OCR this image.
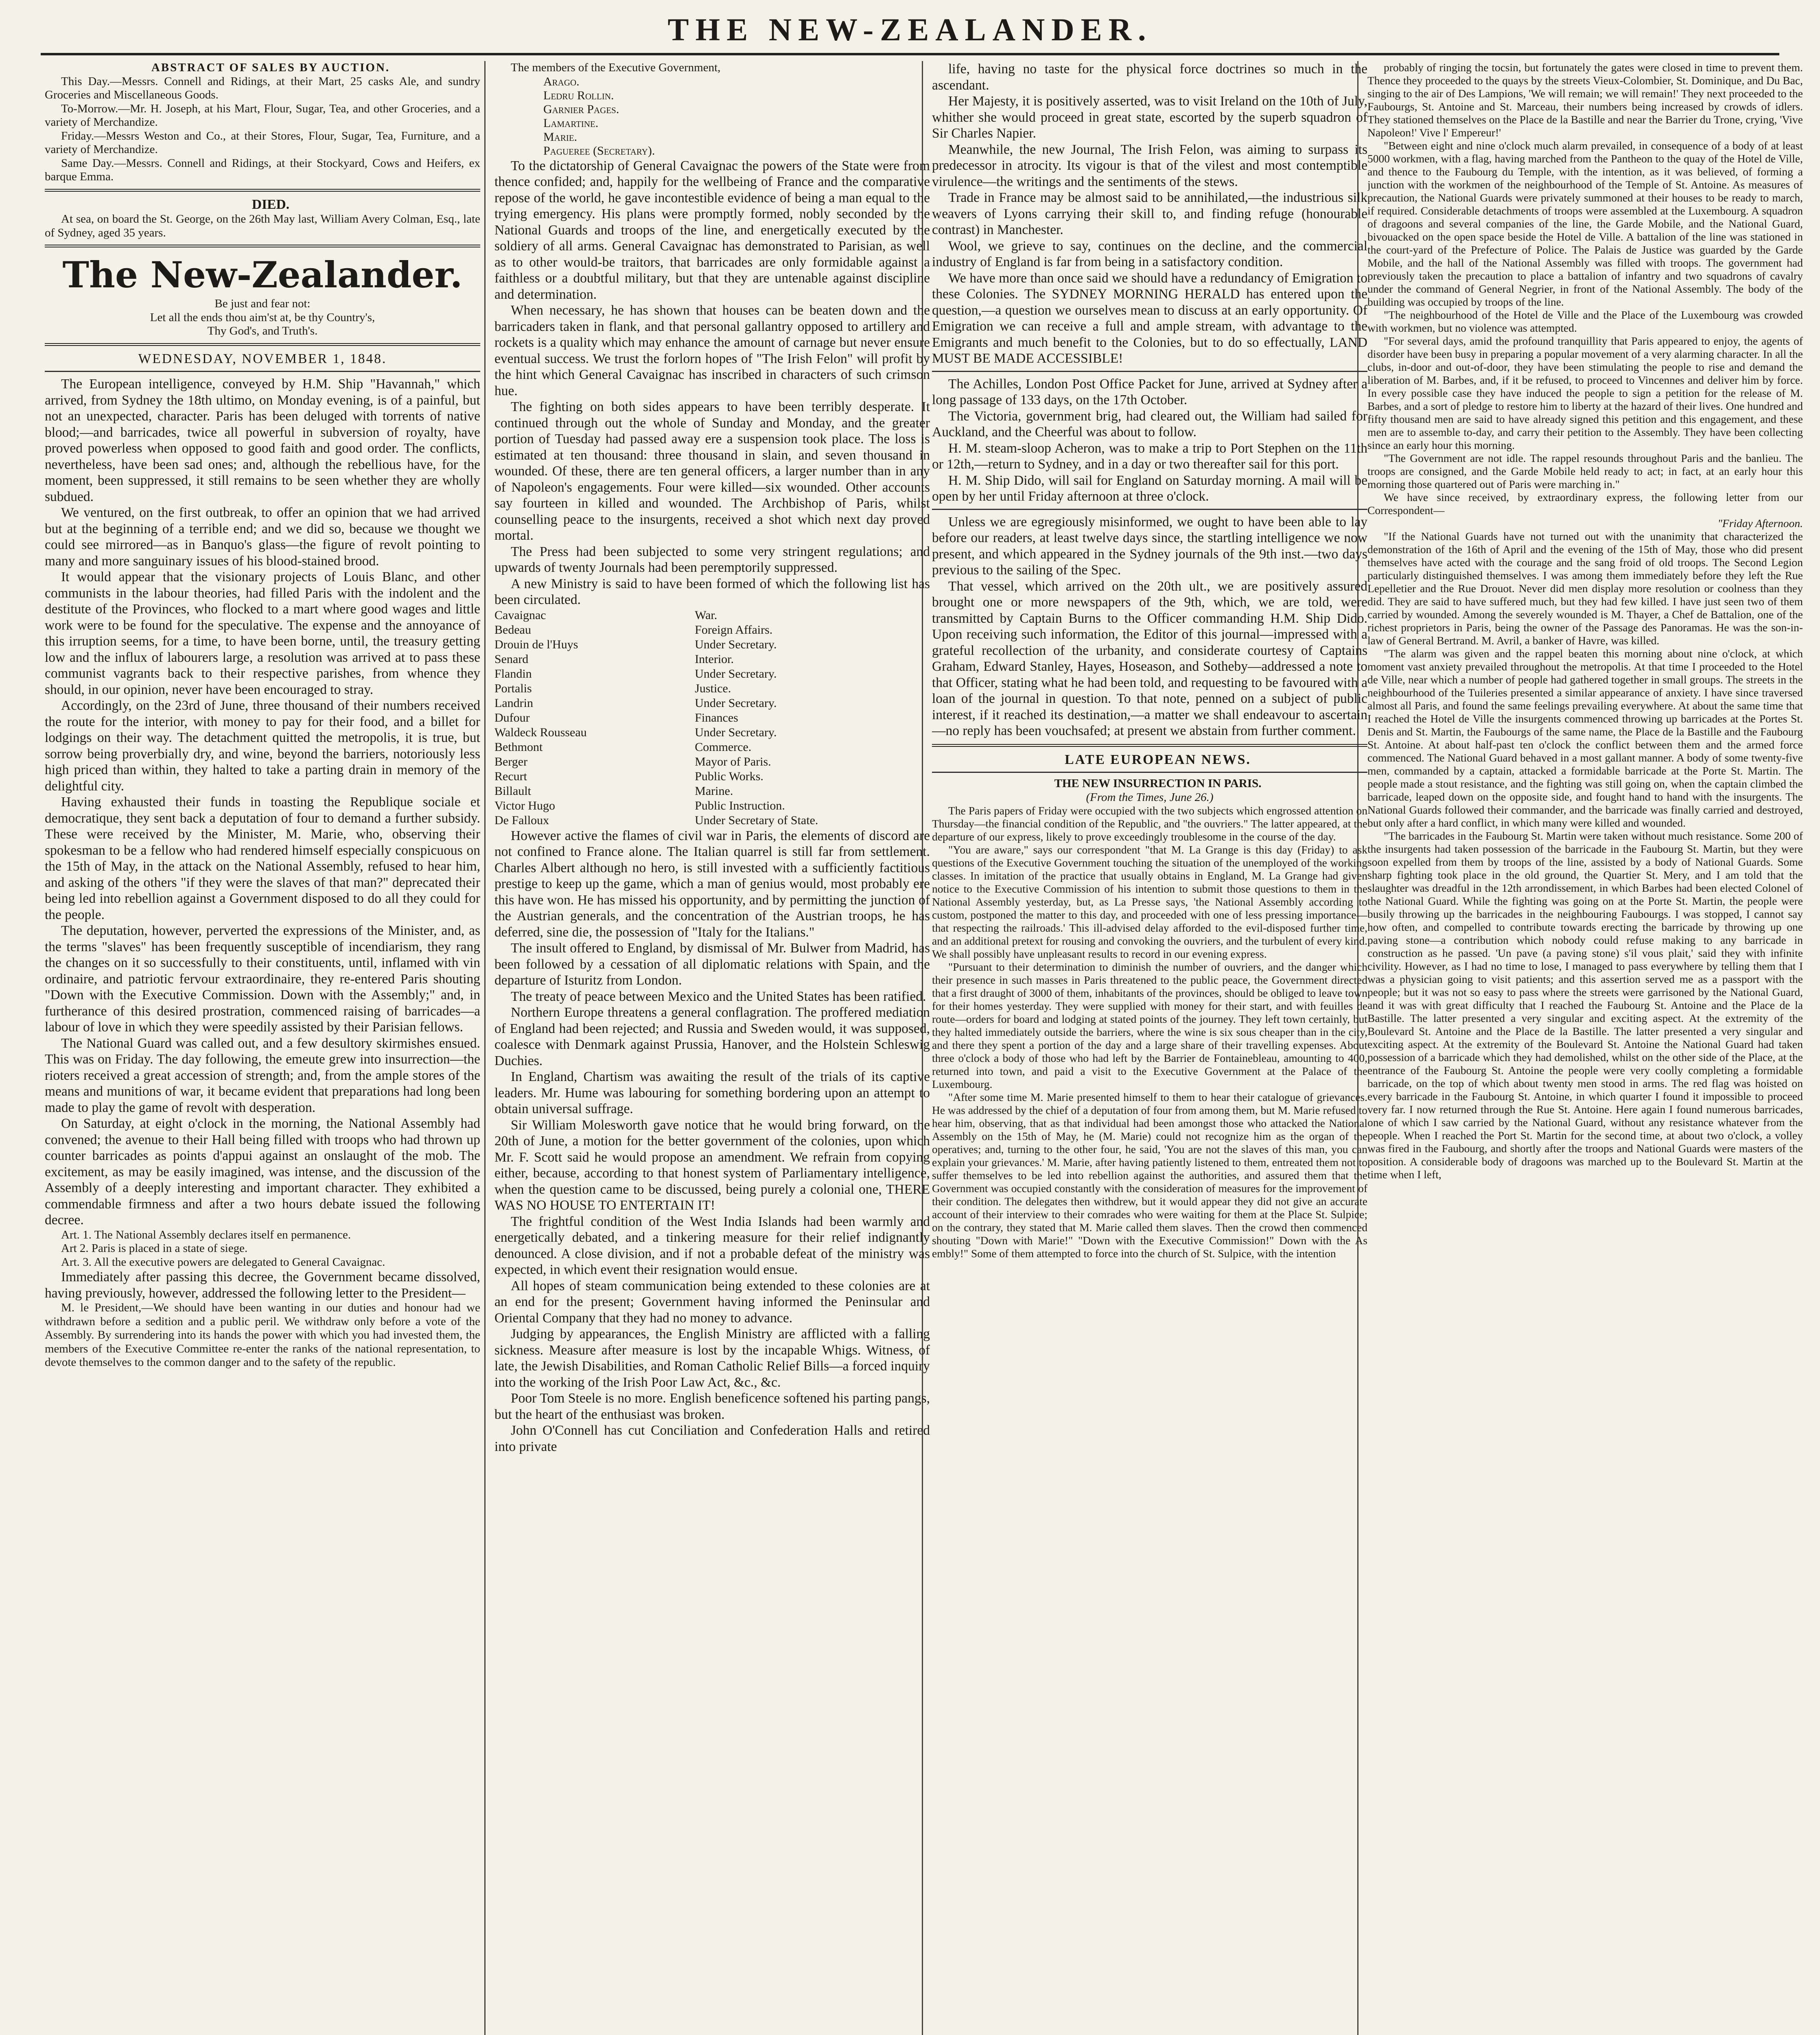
THE NEW-ZEALANDER.

ABSTRACT OF SALES BY AUCTION.

This Day.—Messrs. Connell and Ridings, at their Mart, 25 casks Ale, and sundry Groceries and Miscellaneous Goods.

To-Morrow.—Mr. H. Joseph, at his Mart, Flour, Sugar, Tea, and other Groceries, and a variety of Merchandize.

Friday.—Messrs Weston and Co., at their Stores, Flour, Sugar, Tea, Furniture, and a variety of Merchandize.

Same Day.—Messrs. Connell and Ridings, at their Stockyard, Cows and Heifers, ex barque Emma.

DIED.

At sea, on board the St. George, on the 26th May last, William Avery Colman, Esq., late of Sydney, aged 35 years.

The New-Zealander.

Be just and fear not:

Let all the ends thou aim'st at, be thy Country's,

Thy God's, and Truth's.

WEDNESDAY, NOVEMBER 1, 1848.

The European intelligence, conveyed by H.M. Ship "Havannah," which arrived, from Sydney the 18th ultimo, on Monday evening, is of a painful, but not an unexpected, character. Paris has been deluged with torrents of native blood;—and barricades, twice all powerful in subversion of royalty, have proved powerless when opposed to good faith and good order. The conflicts, nevertheless, have been sad ones; and, although the rebellious have, for the moment, been suppressed, it still remains to be seen whether they are wholly subdued.

We ventured, on the first outbreak, to offer an opinion that we had arrived but at the beginning of a terrible end; and we did so, because we thought we could see mirrored—as in Banquo's glass—the figure of revolt pointing to many and more sanguinary issues of his blood-stained brood.

It would appear that the visionary projects of Louis Blanc, and other communists in the labour theories, had filled Paris with the indolent and the destitute of the Provinces, who flocked to a mart where good wages and little work were to be found for the speculative. The expense and the annoyance of this irruption seems, for a time, to have been borne, until, the treasury getting low and the influx of labourers large, a resolution was arrived at to pass these communist vagrants back to their respective parishes, from whence they should, in our opinion, never have been encouraged to stray.

Accordingly, on the 23rd of June, three thousand of their numbers received the route for the interior, with money to pay for their food, and a billet for lodgings on their way. The detachment quitted the metropolis, it is true, but sorrow being proverbially dry, and wine, beyond the barriers, notoriously less high priced than within, they halted to take a parting drain in memory of the delightful city.

Having exhausted their funds in toasting the Republique sociale et democratique, they sent back a deputation of four to demand a further subsidy. These were received by the Minister, M. Marie, who, observing their spokesman to be a fellow who had rendered himself especially conspicuous on the 15th of May, in the attack on the National Assembly, refused to hear him, and asking of the others "if they were the slaves of that man?" deprecated their being led into rebellion against a Government disposed to do all they could for the people.

The deputation, however, perverted the expressions of the Minister, and, as the terms "slaves" has been frequently susceptible of incendiarism, they rang the changes on it so successfully to their constituents, until, inflamed with vin ordinaire, and patriotic fervour extraordinaire, they re-entered Paris shouting "Down with the Executive Commission. Down with the Assembly;" and, in furtherance of this desired prostration, commenced raising of barricades—a labour of love in which they were speedily assisted by their Parisian fellows.

The National Guard was called out, and a few desultory skirmishes ensued. This was on Friday. The day following, the emeute grew into insurrection—the rioters received a great accession of strength; and, from the ample stores of the means and munitions of war, it became evident that preparations had long been made to play the game of revolt with desperation.

On Saturday, at eight o'clock in the morning, the National Assembly had convened; the avenue to their Hall being filled with troops who had thrown up counter barricades as points d'appui against an onslaught of the mob. The excitement, as may be easily imagined, was intense, and the discussion of the Assembly of a deeply interesting and important character. They exhibited a commendable firmness and after a two hours debate issued the following decree.

Art. 1. The National Assembly declares itself en permanence.

Art 2. Paris is placed in a state of siege.

Art. 3. All the executive powers are delegated to General Cavaignac.

Immediately after passing this decree, the Government became dissolved, having previously, however, addressed the following letter to the President—

M. le President,—We should have been wanting in our duties and honour had we withdrawn before a sedition and a public peril. We withdraw only before a vote of the Assembly. By surrendering into its hands the power with which you had invested them, the members of the Executive Committee re-enter the ranks of the national representation, to devote themselves to the common danger and to the safety of the republic.

The members of the Executive Government,

Arago.
Ledru Rollin.
Garnier Pages.
Lamartine.
Marie.
Pagueree (Secretary).

To the dictatorship of General Cavaignac the powers of the State were from thence confided; and, happily for the wellbeing of France and the comparative repose of the world, he gave incontestible evidence of being a man equal to the trying emergency. His plans were promptly formed, nobly seconded by the National Guards and troops of the line, and energetically executed by the soldiery of all arms. General Cavaignac has demonstrated to Parisian, as well as to other would-be traitors, that barricades are only formidable against a faithless or a doubtful military, but that they are untenable against discipline and determination.

When necessary, he has shown that houses can be beaten down and the barricaders taken in flank, and that personal gallantry opposed to artillery and rockets is a quality which may enhance the amount of carnage but never ensure eventual success. We trust the forlorn hopes of "The Irish Felon" will profit by the hint which General Cavaignac has inscribed in characters of such crimson hue.

The fighting on both sides appears to have been terribly desperate. It continued through out the whole of Sunday and Monday, and the greater portion of Tuesday had passed away ere a suspension took place. The loss is estimated at ten thousand: three thousand in slain, and seven thousand in wounded. Of these, there are ten general officers, a larger number than in any of Napoleon's engagements. Four were killed—six wounded. Other accounts say fourteen in killed and wounded. The Archbishop of Paris, whilst counselling peace to the insurgents, received a shot which next day proved mortal.

The Press had been subjected to some very stringent regulations; and upwards of twenty Journals had been peremptorily suppressed.

A new Ministry is said to have been formed of which the following list has been circulated.

Cavaignac	War.
Bedeau	Foreign Affairs.
Drouin de l'Huys	Under Secretary.
Senard	Interior.
Flandin	Under Secretary.
Portalis	Justice.
Landrin	Under Secretary.
Dufour	Finances
Waldeck Rousseau	Under Secretary.
Bethmont	Commerce.
Berger	Mayor of Paris.
Recurt	Public Works.
Billault	Marine.
Victor Hugo	Public Instruction.
De Falloux	Under Secretary of State.

However active the flames of civil war in Paris, the elements of discord are not confined to France alone. The Italian quarrel is still far from settlement. Charles Albert although no hero, is still invested with a sufficiently factitious prestige to keep up the game, which a man of genius would, most probably ere this have won. He has missed his opportunity, and by permitting the junction of the Austrian generals, and the concentration of the Austrian troops, he has deferred, sine die, the possession of "Italy for the Italians."

The insult offered to England, by dismissal of Mr. Bulwer from Madrid, has been followed by a cessation of all diplomatic relations with Spain, and the departure of Isturitz from London.

The treaty of peace between Mexico and the United States has been ratified.

Northern Europe threatens a general conflagration. The proffered mediation of England had been rejected; and Russia and Sweden would, it was supposed, coalesce with Denmark against Prussia, Hanover, and the Holstein Schleswig Duchies.

In England, Chartism was awaiting the result of the trials of its captive leaders. Mr. Hume was labouring for something bordering upon an attempt to obtain universal suffrage.

Sir William Molesworth gave notice that he would bring forward, on the 20th of June, a motion for the better government of the colonies, upon which Mr. F. Scott said he would propose an amendment. We refrain from copying either, because, according to that honest system of Parliamentary intelligence, when the question came to be discussed, being purely a colonial one, THERE WAS NO HOUSE TO ENTERTAIN IT!

The frightful condition of the West India Islands had been warmly and energetically debated, and a tinkering measure for their relief indignantly denounced. A close division, and if not a probable defeat of the ministry was expected, in which event their resignation would ensue.

All hopes of steam communication being extended to these colonies are at an end for the present; Government having informed the Peninsular and Oriental Company that they had no money to advance.

Judging by appearances, the English Ministry are afflicted with a falling sickness. Measure after measure is lost by the incapable Whigs. Witness, of late, the Jewish Disabilities, and Roman Catholic Relief Bills—a forced inquiry into the working of the Irish Poor Law Act, &c., &c.

Poor Tom Steele is no more. English beneficence softened his parting pangs, but the heart of the enthusiast was broken.

John O'Connell has cut Conciliation and Confederation Halls and retired into private

life, having no taste for the physical force doctrines so much in the ascendant.

Her Majesty, it is positively asserted, was to visit Ireland on the 10th of July, whither she would proceed in great state, escorted by the superb squadron of Sir Charles Napier.

Meanwhile, the new Journal, The Irish Felon, was aiming to surpass its predecessor in atrocity. Its vigour is that of the vilest and most contemptible virulence—the writings and the sentiments of the stews.

Trade in France may be almost said to be annihilated,—the industrious silk weavers of Lyons carrying their skill to, and finding refuge (honourable contrast) in Manchester.

Wool, we grieve to say, continues on the decline, and the commercial industry of England is far from being in a satisfactory condition.

We have more than once said we should have a redundancy of Emigration to these Colonies. The SYDNEY MORNING HERALD has entered upon the question,—a question we ourselves mean to discuss at an early opportunity. Of Emigration we can receive a full and ample stream, with advantage to the Emigrants and much benefit to the Colonies, but to do so effectually, LAND MUST BE MADE ACCESSIBLE!

The Achilles, London Post Office Packet for June, arrived at Sydney after a long passage of 133 days, on the 17th October.

The Victoria, government brig, had cleared out, the William had sailed for Auckland, and the Cheerful was about to follow.

H. M. steam-sloop Acheron, was to make a trip to Port Stephen on the 11th or 12th,—return to Sydney, and in a day or two thereafter sail for this port.

H. M. Ship Dido, will sail for England on Saturday morning. A mail will be open by her until Friday afternoon at three o'clock.

Unless we are egregiously misinformed, we ought to have been able to lay before our readers, at least twelve days since, the startling intelligence we now present, and which appeared in the Sydney journals of the 9th inst.—two days previous to the sailing of the Spec.

That vessel, which arrived on the 20th ult., we are positively assured brought one or more newspapers of the 9th, which, we are told, were transmitted by Captain Burns to the Officer commanding H.M. Ship Dido. Upon receiving such information, the Editor of this journal—impressed with a grateful recollection of the urbanity, and considerate courtesy of Captains Graham, Edward Stanley, Hayes, Hoseason, and Sotheby—addressed a note to that Officer, stating what he had been told, and requesting to be favoured with a loan of the journal in question. To that note, penned on a subject of public interest, if it reached its destination,—a matter we shall endeavour to ascertain—no reply has been vouchsafed; at present we abstain from further comment.

LATE EUROPEAN NEWS.

THE NEW INSURRECTION IN PARIS.

(From the Times, June 26.)

The Paris papers of Friday were occupied with the two subjects which engrossed attention on Thursday—the financial condition of the Republic, and "the ouvriers." The latter appeared, at the departure of our express, likely to prove exceedingly troublesome in the course of the day.

"You are aware," says our correspondent "that M. La Grange is this day (Friday) to ask questions of the Executive Government touching the situation of the unemployed of the working classes. In imitation of the practice that usually obtains in England, M. La Grange had given notice to the Executive Commission of his intention to submit those questions to them in the National Assembly yesterday, but, as La Presse says, 'the National Assembly according to custom, postponed the matter to this day, and proceeded with one of less pressing importance—that respecting the railroads.' This ill-advised delay afforded to the evil-disposed further time, and an additional pretext for rousing and convoking the ouvriers, and the turbulent of every kind. We shall possibly have unpleasant results to record in our evening express.

"Pursuant to their determination to diminish the number of ouvriers, and the danger which their presence in such masses in Paris threatened to the public peace, the Government directed that a first draught of 3000 of them, inhabitants of the provinces, should be obliged to leave town for their homes yesterday. They were supplied with money for their start, and with feuilles de route—orders for board and lodging at stated points of the journey. They left town certainly, but they halted immediately outside the barriers, where the wine is six sous cheaper than in the city, and there they spent a portion of the day and a large share of their travelling expenses. About three o'clock a body of those who had left by the Barrier de Fontainebleau, amounting to 400, returned into town, and paid a visit to the Executive Government at the Palace of the Luxembourg.

"After some time M. Marie presented himself to them to hear their catalogue of grievances. He was addressed by the chief of a deputation of four from among them, but M. Marie refused to hear him, observing, that as that individual had been amongst those who attacked the National Assembly on the 15th of May, he (M. Marie) could not recognize him as the organ of the operatives; and, turning to the other four, he said, 'You are not the slaves of this man, you can explain your grievances.' M. Marie, after having patiently listened to them, entreated them not to suffer themselves to be led into rebellion against the authorities, and assured them that the Government was occupied constantly with the consideration of measures for the improvement of their condition. The delegates then withdrew, but it would appear they did not give an accurate account of their interview to their comrades who were waiting for them at the Place St. Sulpice; on the contrary, they stated that M. Marie called them slaves. Then the crowd then commenced shouting "Down with Marie!" "Down with the Executive Commission!" Down with the As embly!" Some of them attempted to force into the church of St. Sulpice, with the intention

probably of ringing the tocsin, but fortunately the gates were closed in time to prevent them. Thence they proceeded to the quays by the streets Vieux-Colombier, St. Dominique, and Du Bac, singing to the air of Des Lampions, 'We will remain; we will remain!' They next proceeded to the Faubourgs, St. Antoine and St. Marceau, their numbers being increased by crowds of idlers. They stationed themselves on the Place de la Bastille and near the Barrier du Trone, crying, 'Vive Napoleon!' Vive l' Empereur!'

"Between eight and nine o'clock much alarm prevailed, in consequence of a body of at least 5000 workmen, with a flag, having marched from the Pantheon to the quay of the Hotel de Ville, and thence to the Faubourg du Temple, with the intention, as it was believed, of forming a junction with the workmen of the neighbourhood of the Temple of St. Antoine. As measures of precaution, the National Guards were privately summoned at their houses to be ready to march, if required. Considerable detachments of troops were assembled at the Luxembourg. A squadron of dragoons and several companies of the line, the Garde Mobile, and the National Guard, bivouacked on the open space beside the Hotel de Ville. A battalion of the line was stationed in the court-yard of the Prefecture of Police. The Palais de Justice was guarded by the Garde Mobile, and the hall of the National Assembly was filled with troops. The government had previously taken the precaution to place a battalion of infantry and two squadrons of cavalry under the command of General Negrier, in front of the National Assembly. The body of the building was occupied by troops of the line.

"The neighbourhood of the Hotel de Ville and the Place of the Luxembourg was crowded with workmen, but no violence was attempted.

"For several days, amid the profound tranquillity that Paris appeared to enjoy, the agents of disorder have been busy in preparing a popular movement of a very alarming character. In all the clubs, in-door and out-of-door, they have been stimulating the people to rise and demand the liberation of M. Barbes, and, if it be refused, to proceed to Vincennes and deliver him by force. In every possible case they have induced the people to sign a petition for the release of M. Barbes, and a sort of pledge to restore him to liberty at the hazard of their lives. One hundred and fifty thousand men are said to have already signed this petition and this engagement, and these men are to assemble to-day, and carry their petition to the Assembly. They have been collecting since an early hour this morning.

"The Government are not idle. The rappel resounds throughout Paris and the banlieu. The troops are consigned, and the Garde Mobile held ready to act; in fact, at an early hour this morning those quartered out of Paris were marching in."

We have since received, by extraordinary express, the following letter from our Correspondent—

"Friday Afternoon.

"If the National Guards have not turned out with the unanimity that characterized the demonstration of the 16th of April and the evening of the 15th of May, those who did present themselves have acted with the courage and the sang froid of old troops. The Second Legion particularly distinguished themselves. I was among them immediately before they left the Rue Lepelletier and the Rue Drouot. Never did men display more resolution or coolness than they did. They are said to have suffered much, but they had few killed. I have just seen two of them carried by wounded. Among the severely wounded is M. Thayer, a Chef de Battalion, one of the richest proprietors in Paris, being the owner of the Passage des Panoramas. He was the son-in-law of General Bertrand. M. Avril, a banker of Havre, was killed.

"The alarm was given and the rappel beaten this morning about nine o'clock, at which moment vast anxiety prevailed throughout the metropolis. At that time I proceeded to the Hotel de Ville, near which a number of people had gathered together in small groups. The streets in the neighbourhood of the Tuileries presented a similar appearance of anxiety. I have since traversed almost all Paris, and found the same feelings prevailing everywhere. At about the same time that I reached the Hotel de Ville the insurgents commenced throwing up barricades at the Portes St. Denis and St. Martin, the Faubourgs of the same name, the Place de la Bastille and the Faubourg St. Antoine. At about half-past ten o'clock the conflict between them and the armed force commenced. The National Guard behaved in a most gallant manner. A body of some twenty-five men, commanded by a captain, attacked a formidable barricade at the Porte St. Martin. The people made a stout resistance, and the fighting was still going on, when the captain climbed the barricade, leaped down on the opposite side, and fought hand to hand with the insurgents. The National Guards followed their commander, and the barricade was finally carried and destroyed, but only after a hard conflict, in which many were killed and wounded.

"The barricades in the Faubourg St. Martin were taken without much resistance. Some 200 of the insurgents had taken possession of the barricade in the Faubourg St. Martin, but they were soon expelled from them by troops of the line, assisted by a body of National Guards. Some sharp fighting took place in the old ground, the Quartier St. Mery, and I am told that the slaughter was dreadful in the 12th arrondissement, in which Barbes had been elected Colonel of the National Guard. While the fighting was going on at the Porte St. Martin, the people were busily throwing up the barricades in the neighbouring Faubourgs. I was stopped, I cannot say how often, and compelled to contribute towards erecting the barricade by throwing up one paving stone—a contribution which nobody could refuse making to any barricade in construction as he passed. 'Un pave (a paving stone) s'il vous plait,' said they with infinite civility. However, as I had no time to lose, I managed to pass everywhere by telling them that I was a physician going to visit patients; and this assertion served me as a passport with the people; but it was not so easy to pass where the streets were garrisoned by the National Guard, and it was with great difficulty that I reached the Faubourg St. Antoine and the Place de la Bastille. The latter presented a very singular and exciting aspect. At the extremity of the Boulevard St. Antoine and the Place de la Bastille. The latter presented a very singular and exciting aspect. At the extremity of the Boulevard St. Antoine the National Guard had taken possession of a barricade which they had demolished, whilst on the other side of the Place, at the entrance of the Faubourg St. Antoine the people were very coolly completing a formidable barricade, on the top of which about twenty men stood in arms. The red flag was hoisted on every barricade in the Faubourg St. Antoine, in which quarter I found it impossible to proceed very far. I now returned through the Rue St. Antoine. Here again I found numerous barricades, one of which I saw carried by the National Guard, without any resistance whatever from the people. When I reached the Port St. Martin for the second time, at about two o'clock, a volley was fired in the Faubourg, and shortly after the troops and National Guards were masters of the position. A considerable body of dragoons was marched up to the Boulevard St. Martin at the time when I left,
